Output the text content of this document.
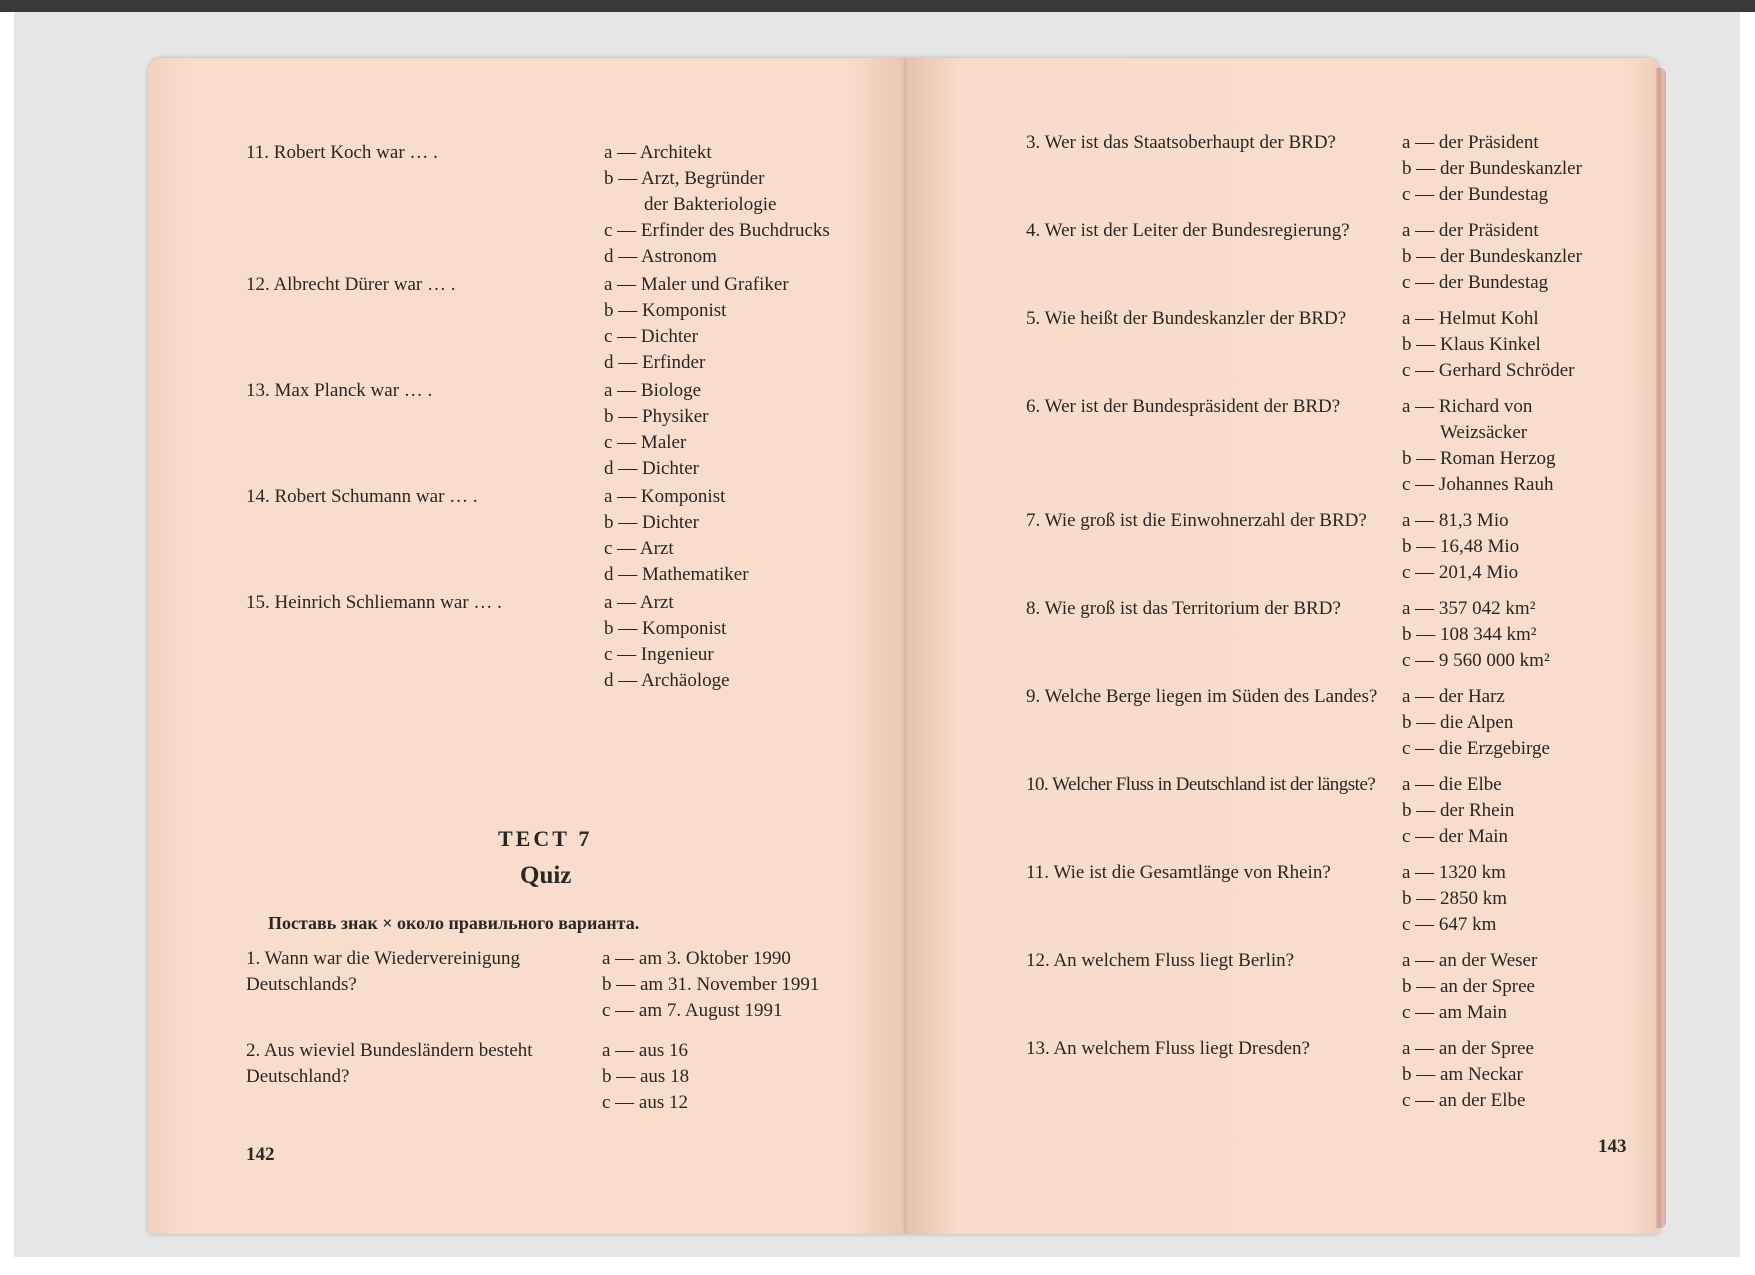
11. Robert Koch war … .	a — Architekt
b — Arzt, Begründer
der Bakteriologie
c — Erfinder des Buchdrucks
d — Astronom
12. Albrecht Dürer war … .	a — Maler und Grafiker
b — Komponist
c — Dichter
d — Erfinder
13. Max Planck war … .	a — Biologe
b — Physiker
c — Maler
d — Dichter
14. Robert Schumann war … .	a — Komponist
b — Dichter
c — Arzt
d — Mathematiker
15. Heinrich Schliemann war … .	a — Arzt
b — Komponist
c — Ingenieur
d — Archäologe
ТЕСТ 7
Quiz
Поставь знак × около правильного варианта.
1. Wann war die Wiedervereinigung
Deutschlands?
a — am 3. Oktober 1990
b — am 31. November 1991
c — am 7. August 1991
2. Aus wieviel Bundesländern besteht
Deutschland?
a — aus 16
b — aus 18
c — aus 12
142
3. Wer ist das Staatsoberhaupt der BRD?	a — der Präsident
b — der Bundeskanzler
c — der Bundestag
4. Wer ist der Leiter der Bundesregierung?	a — der Präsident
b — der Bundeskanzler
c — der Bundestag
5. Wie heißt der Bundeskanzler der BRD?	a — Helmut Kohl
b — Klaus Kinkel
c — Gerhard Schröder
6. Wer ist der Bundespräsident der BRD?	a — Richard von
Weizsäcker
b — Roman Herzog
c — Johannes Rauh
7. Wie groß ist die Einwohnerzahl der BRD?	a — 81,3 Mio
b — 16,48 Mio
c — 201,4 Mio
8. Wie groß ist das Territorium der BRD?	a — 357 042 km²
b — 108 344 km²
c — 9 560 000 km²
9. Welche Berge liegen im Süden des Landes?	a — der Harz
b — die Alpen
c — die Erzgebirge
10. Welcher Fluss in Deutschland ist der längste?	a — die Elbe
b — der Rhein
c — der Main
11. Wie ist die Gesamtlänge von Rhein?	a — 1320 km
b — 2850 km
c — 647 km
12. An welchem Fluss liegt Berlin?	a — an der Weser
b — an der Spree
c — am Main
13. An welchem Fluss liegt Dresden?	a — an der Spree
b — am Neckar
c — an der Elbe
143
